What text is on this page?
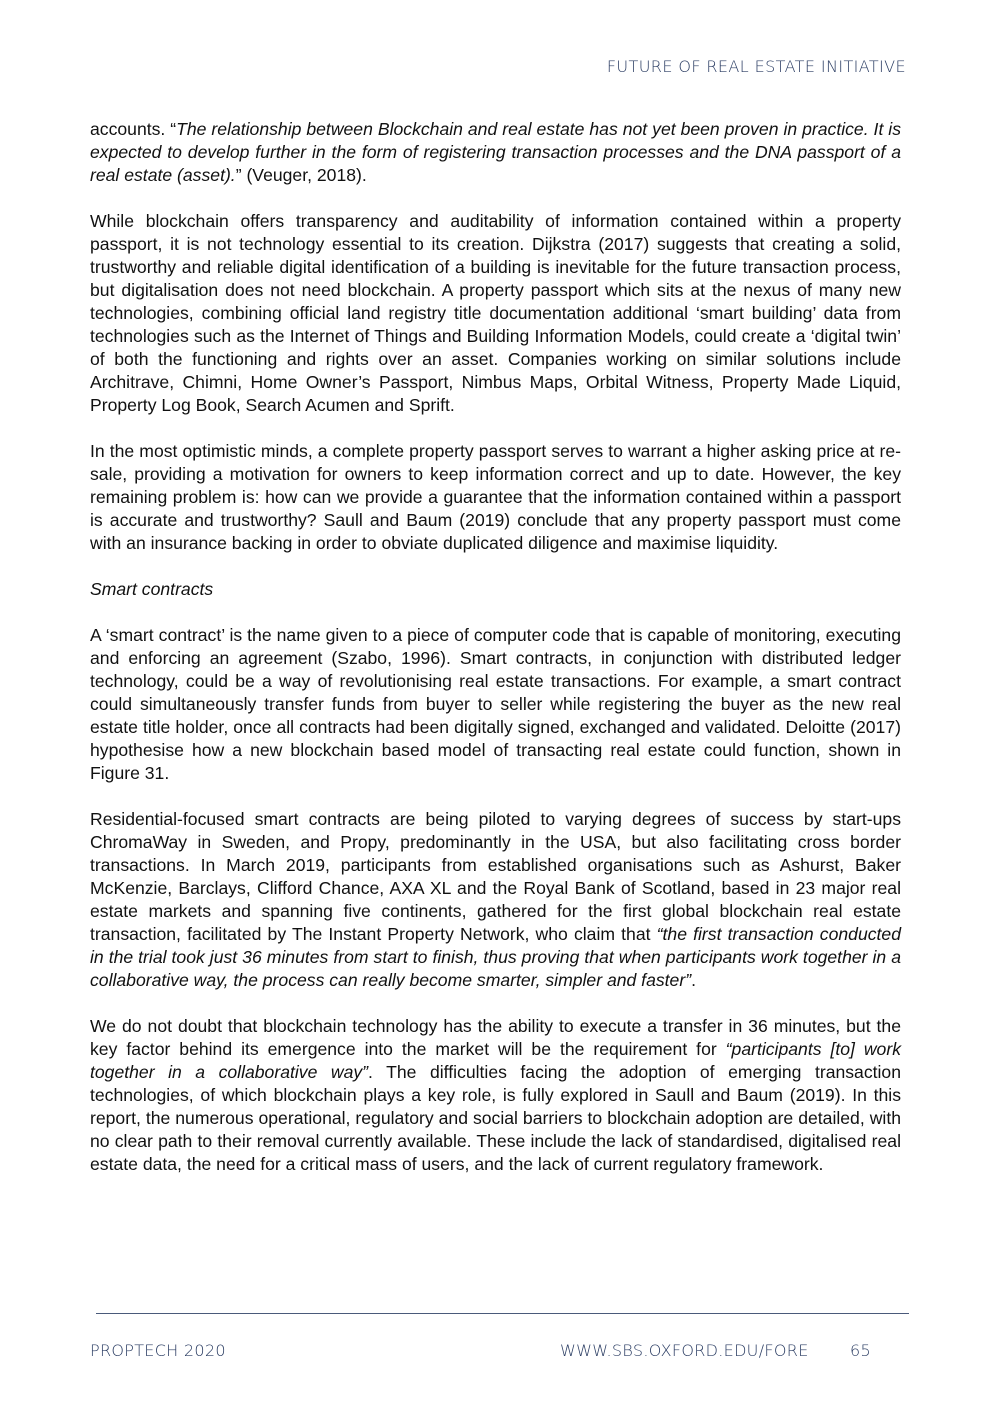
FUTURE OF REAL ESTATE INITIATIVE

accounts. “The relationship between Blockchain and real estate has not yet been proven in practice. It is expected to develop further in the form of registering transaction processes and the DNA passport of a real estate (asset).” (Veuger, 2018).

While blockchain offers transparency and auditability of information contained within a property passport, it is not technology essential to its creation. Dijkstra (2017) suggests that creating a solid, trustworthy and reliable digital identification of a building is inevitable for the future transaction process, but digitalisation does not need blockchain. A property passport which sits at the nexus of many new technologies, combining official land registry title documentation additional ‘smart building’ data from technologies such as the Internet of Things and Building Information Models, could create a ‘digital twin’ of both the functioning and rights over an asset. Companies working on similar solutions include Architrave, Chimni, Home Owner’s Passport, Nimbus Maps, Orbital Witness, Property Made Liquid, Property Log Book, Search Acumen and Sprift.

In the most optimistic minds, a complete property passport serves to warrant a higher asking price at re-sale, providing a motivation for owners to keep information correct and up to date. However, the key remaining problem is: how can we provide a guarantee that the information contained within a passport is accurate and trustworthy? Saull and Baum (2019) conclude that any property passport must come with an insurance backing in order to obviate duplicated diligence and maximise liquidity.

Smart contracts

A ‘smart contract’ is the name given to a piece of computer code that is capable of monitoring, executing and enforcing an agreement (Szabo, 1996). Smart contracts, in conjunction with distributed ledger technology, could be a way of revolutionising real estate transactions. For example, a smart contract could simultaneously transfer funds from buyer to seller while registering the buyer as the new real estate title holder, once all contracts had been digitally signed, exchanged and validated. Deloitte (2017) hypothesise how a new blockchain based model of transacting real estate could function, shown in Figure 31.

Residential-focused smart contracts are being piloted to varying degrees of success by start-ups ChromaWay in Sweden, and Propy, predominantly in the USA, but also facilitating cross border transactions. In March 2019, participants from established organisations such as Ashurst, Baker McKenzie, Barclays, Clifford Chance, AXA XL and the Royal Bank of Scotland, based in 23 major real estate markets and spanning five continents, gathered for the first global blockchain real estate transaction, facilitated by The Instant Property Network, who claim that “the first transaction conducted in the trial took just 36 minutes from start to finish, thus proving that when participants work together in a collaborative way, the process can really become smarter, simpler and faster”.

We do not doubt that blockchain technology has the ability to execute a transfer in 36 minutes, but the key factor behind its emergence into the market will be the requirement for “participants [to] work together in a collaborative way”. The difficulties facing the adoption of emerging transaction technologies, of which blockchain plays a key role, is fully explored in Saull and Baum (2019). In this report, the numerous operational, regulatory and social barriers to blockchain adoption are detailed, with no clear path to their removal currently available. These include the lack of standardised, digitalised real estate data, the need for a critical mass of users, and the lack of current regulatory framework.

PROPTECH 2020	WWW.SBS.OXFORD.EDU/FORE	65
